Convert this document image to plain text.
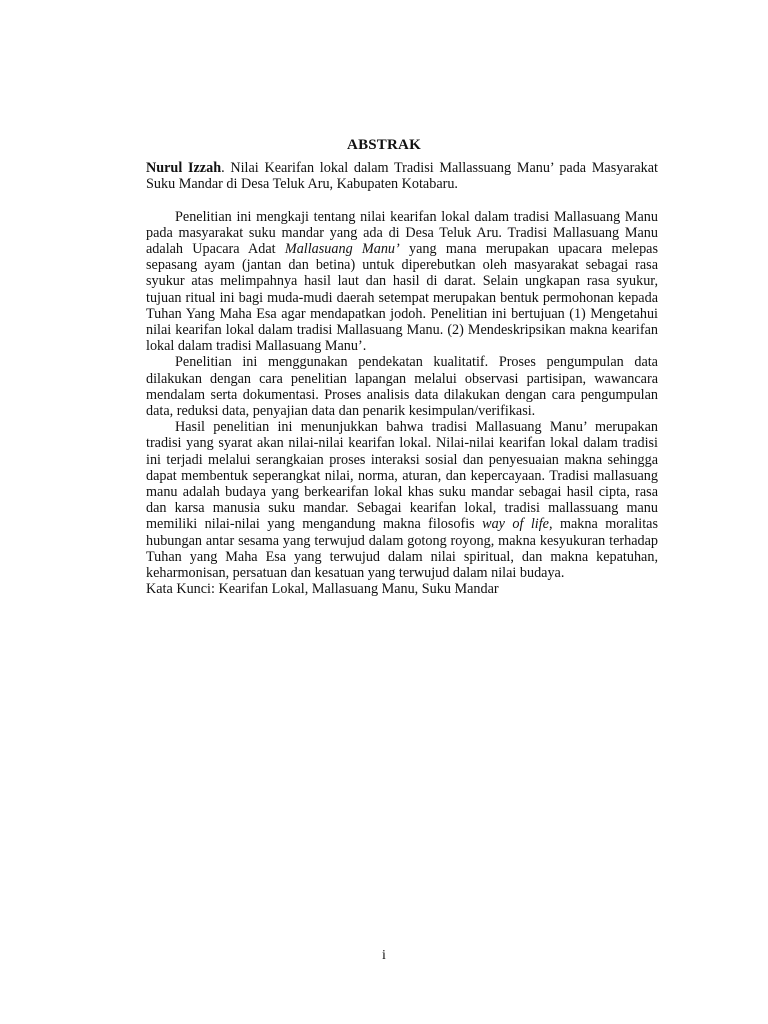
ABSTRAK

Nurul Izzah. Nilai Kearifan lokal dalam Tradisi Mallassuang Manu’ pada Masyarakat Suku Mandar di Desa Teluk Aru, Kabupaten Kotabaru.

Penelitian ini mengkaji tentang nilai kearifan lokal dalam tradisi Mallasuang Manu pada masyarakat suku mandar yang ada di Desa Teluk Aru. Tradisi Mallasuang Manu adalah Upacara Adat Mallasuang Manu’ yang mana merupakan upacara melepas sepasang ayam (jantan dan betina) untuk diperebutkan oleh masyarakat sebagai rasa syukur atas melimpahnya hasil laut dan hasil di darat. Selain ungkapan rasa syukur, tujuan ritual ini bagi muda-mudi daerah setempat merupakan bentuk permohonan kepada Tuhan Yang Maha Esa agar mendapatkan jodoh. Penelitian ini bertujuan (1) Mengetahui nilai kearifan lokal dalam tradisi Mallasuang Manu. (2) Mendeskripsikan makna kearifan lokal dalam tradisi Mallasuang Manu’.

Penelitian ini menggunakan pendekatan kualitatif. Proses pengumpulan data dilakukan dengan cara penelitian lapangan melalui observasi partisipan, wawancara mendalam serta dokumentasi. Proses analisis data dilakukan dengan cara pengumpulan data, reduksi data, penyajian data dan penarik kesimpulan/verifikasi.

Hasil penelitian ini menunjukkan bahwa tradisi Mallasuang Manu’ merupakan tradisi yang syarat akan nilai-nilai kearifan lokal. Nilai-nilai kearifan lokal dalam tradisi ini terjadi melalui serangkaian proses interaksi sosial dan penyesuaian makna sehingga dapat membentuk seperangkat nilai, norma, aturan, dan kepercayaan. Tradisi mallasuang manu adalah budaya yang berkearifan lokal khas suku mandar sebagai hasil cipta, rasa dan karsa manusia suku mandar. Sebagai kearifan lokal, tradisi mallassuang manu memiliki nilai-nilai yang mengandung makna filosofis way of life, makna moralitas hubungan antar sesama yang terwujud dalam gotong royong, makna kesyukuran terhadap Tuhan yang Maha Esa yang terwujud dalam nilai spiritual, dan makna kepatuhan, keharmonisan, persatuan dan kesatuan yang terwujud dalam nilai budaya.

Kata Kunci: Kearifan Lokal, Mallasuang Manu, Suku Mandar

i
